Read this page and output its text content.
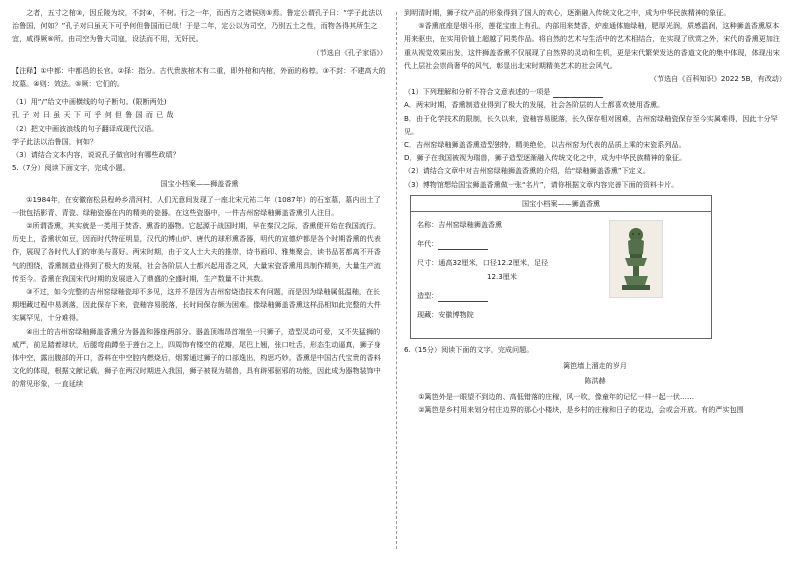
之者，五寸之棺③，因丘陵为坟，不封④，不树。行之一年，而西方之诸侯则⑤焉。鲁定公谓孔子曰：“学子此法以治鲁国，何如？”孔子对曰虽天下可乎何但鲁国而已哉！于是二年，定公以为司空，乃别五土之性，而物各得其所生之宜，咸得厥⑥所。由司空为鲁大司寇，设法而不用，无奸民。

（节选自《孔子家语》）

【注释】①中都：中都邑的长官。②择：指分。古代贵族棺木有二重，即外棺和内棺，外面的称椁。③不封：不建高大的坟墓。④则：效法。⑤厥：它们的。

（1）用“/”给文中画横线的句子断句。(限断两处)

孔子对曰虽天下可乎何但鲁国而已哉

（2）把文中画波浪线的句子翻译成现代汉语。

学子此法以治鲁国，何如？

（3）请结合文本内容，说说孔子做官时有哪些政绩？

5.（7分）阅读下面文字，完成小题。

国宝小档案——狮盖香熏

①1984年，在安徽宿松县程岭乡清河村，人们无意间发现了一座北宋元祐二年（1087年）的石室墓，墓内出土了一批包括影青、青瓷、绿釉瓷器在内的精美的瓷器。在这些瓷器中，一件吉州窑绿釉狮盖香熏引人注目。

②所谓香熏，其实就是一类用于焚香、熏香的器物。它起源于战国时期，早在秦汉之际，香熏便开始在我国流行。历史上，香熏状如豆，因而时代特征明显，汉代的博山炉、唐代的球形熏香器，明代的宣德炉都是各个时期香熏的代表作，展现了各时代人们的审美与喜好。两宋时期，由于文人士大夫的推崇，诗书画印、雅集聚会，读书品茗都离不开香气的围绕，香熏制造业得到了极大的发展，社会各阶层人士都兴起用香之风，大量宋瓷香熏用具制作精美，大量生产流传至今。香熏在我国宋代时期的发展进入了鼎盛的全盛时期，生产数量不计其数。

③不过，如今完整的吉州窑绿釉瓷却不多见，这并不是因为吉州窑烧造技术有问题，而是因为绿釉属低温釉，在长期埋藏过程中易剥落，因此保存下来，瓷釉容易脱落，长时间保存颇为困难。像绿釉狮盖香熏这样品相如此完整的大件实属罕见，十分难得。

④出土的吉州窑绿釉狮盖香熏分为器盖和器座两部分。器盖顶端昂首端坐一只狮子，造型灵动可爱，又不失猛狮的威严，前足踏着球状，后腿弯曲蹲坐于莲台之上，四周饰有镂空的花瓣，尾巴上翘，张口吐舌，形态生动逼真，狮子身体中空，露出腹部的开口，香料在中空腔内燃烧后，烟雾通过狮子的口部逸出，构思巧妙。香熏是中国古代宝贵的香料文化的体现，根据文献记载，狮子在两汉时期进入我国，狮子被视为瑞兽，具有辟邪驱邪的功能，因此成为器物装饰中的常见形象，一直延续

到明清时期，狮子纹产品的形象得到了国人的欢心，逐渐融入传统文化之中，成为中华民族精神的象征。

⑤香熏底座是烟斗形，莲花宝座上有孔，内部用来焚香，炉座通体施绿釉，肥厚光润，质感温润，这种狮盖香熏原本用来驱虫，在实用价值上超越了同类作品。将自然的艺术与生活中的艺术相结合，在实现了欣赏之外，宋代的香熏更加注重从视觉效果出发，这件狮盖香熏不仅展现了自然界的灵动和生机，更是宋代繁荣发达的香道文化的集中体现，体现出宋代上层社会崇尚奢华的风气，彰显出北宋时期精美艺术的社会风气。

（节选自《百科知识》2022 5B，有改动）

（1）下列理解和分析不符合文意表述的一项是

A．两宋时期，香熏制造业得到了极大的发展，社会各阶层的人士都喜欢使用香熏。

B．由于化学技术的限制，长久以来，瓷釉容易脱落，长久保存相对困难，吉州窑绿釉瓷保存至今实属难得，因此十分罕见。

C．吉州窑绿釉狮盖香熏造型独特，精美绝伦，以吉州窑为代表的品质上乘的宋瓷系列品。

D．狮子在我国被视为瑞兽，狮子造型逐渐融入传统文化之中，成为中华民族精神的象征。

（2）请结合文章中对吉州窑绿釉狮盖香熏的介绍，给“绿釉狮盖香熏”下定义。

（3）博物馆想给国宝狮盖香熏做一张“名片”，请你根据文章内容完善下面的资料卡片。

国宝小档案——狮盖香熏

名称：吉州窑绿釉狮盖香熏

年代：

尺寸：通高32厘米，口径12.2厘米，足径

12.3厘米

造型：

现藏：安徽博物院

6.（15分）阅读下面的文字，完成问题。

篱笆墙上溜走的岁月

陈洪赫

①篱笆外是一眼望不到边的、高低错落的庄稼，风一吹，像童年的记忆一样一起一伏……

②篱笆是乡村用来划分村庄边界的那心小楼块，是乡村的庄稼和日子的花边，会或会开放。有的严实包围
